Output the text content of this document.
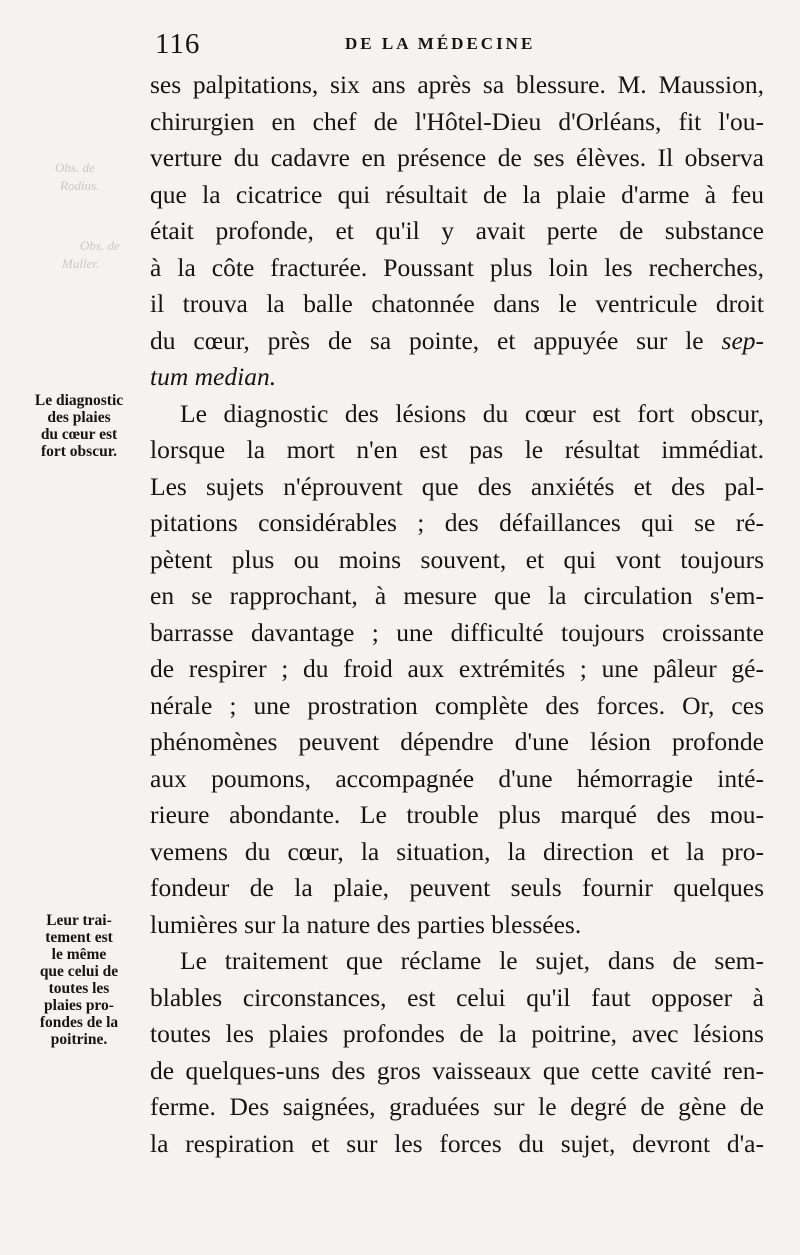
116	DE LA MÉDECINE
Obs. de
Rodius.
Obs. de
Muller.
Le diagnostic
des plaies
du cœur est
fort obscur.
Leur trai-
tement est
le même
que celui de
toutes les
plaies pro-
fondes de la
poitrine.
ses palpitations, six ans après sa blessure. M. Maussion,
chirurgien en chef de l'Hôtel-Dieu d'Orléans, fit l'ou-
verture du cadavre en présence de ses élèves. Il observa
que la cicatrice qui résultait de la plaie d'arme à feu
était profonde, et qu'il y avait perte de substance
à la côte fracturée. Poussant plus loin les recherches,
il trouva la balle chatonnée dans le ventricule droit
du cœur, près de sa pointe, et appuyée sur le sep-
tum median.
Le diagnostic des lésions du cœur est fort obscur,
lorsque la mort n'en est pas le résultat immédiat.
Les sujets n'éprouvent que des anxiétés et des pal-
pitations considérables ; des défaillances qui se ré-
pètent plus ou moins souvent, et qui vont toujours
en se rapprochant, à mesure que la circulation s'em-
barrasse davantage ; une difficulté toujours croissante
de respirer ; du froid aux extrémités ; une pâleur gé-
nérale ; une prostration complète des forces. Or, ces
phénomènes peuvent dépendre d'une lésion profonde
aux poumons, accompagnée d'une hémorragie inté-
rieure abondante. Le trouble plus marqué des mou-
vemens du cœur, la situation, la direction et la pro-
fondeur de la plaie, peuvent seuls fournir quelques
lumières sur la nature des parties blessées.
Le traitement que réclame le sujet, dans de sem-
blables circonstances, est celui qu'il faut opposer à
toutes les plaies profondes de la poitrine, avec lésions
de quelques-uns des gros vaisseaux que cette cavité ren-
ferme. Des saignées, graduées sur le degré de gène de
la respiration et sur les forces du sujet, devront d'a-
